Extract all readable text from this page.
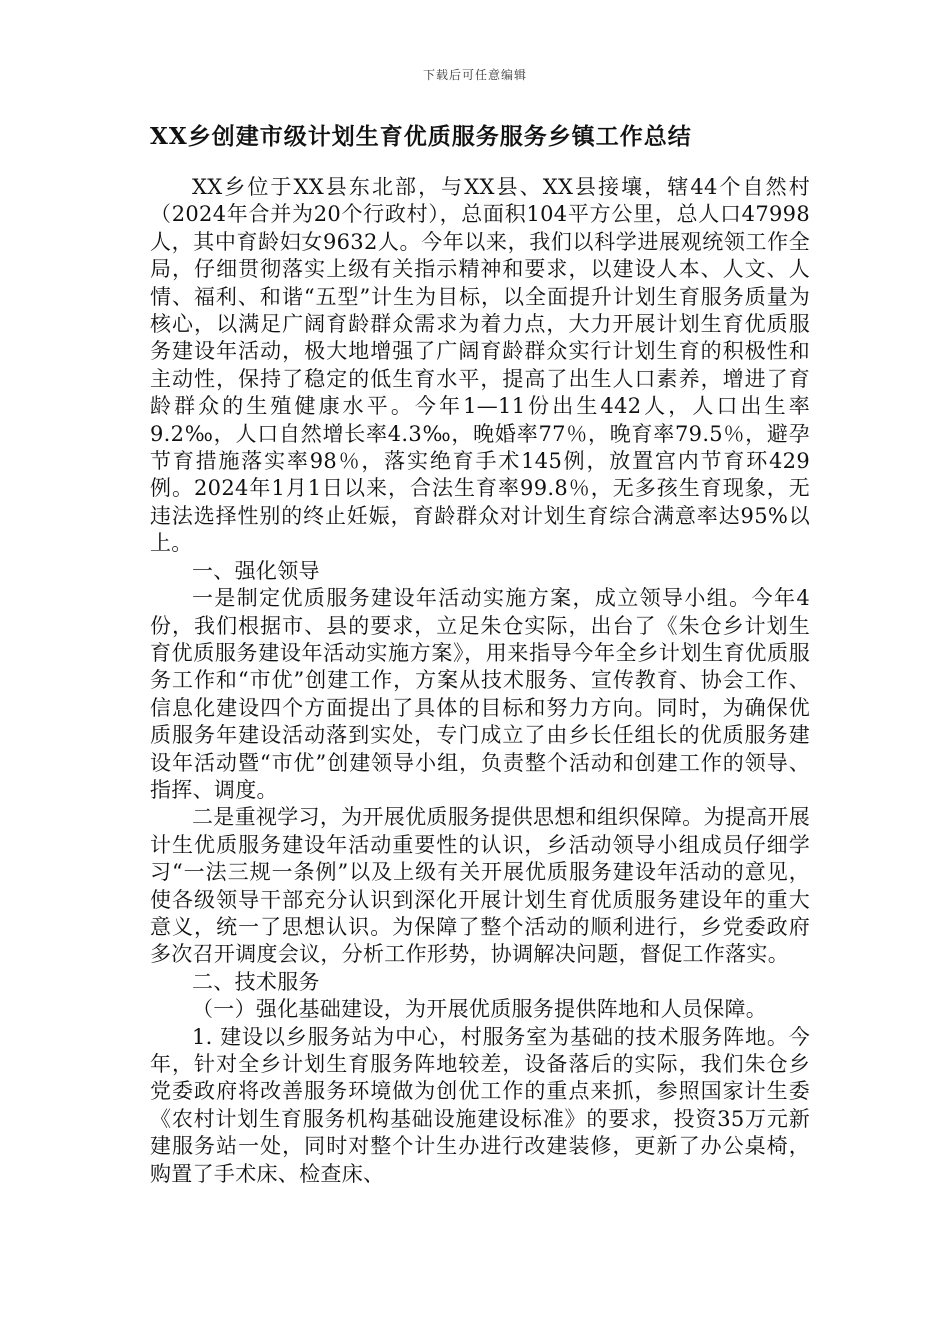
下载后可任意编辑
XX乡创建市级计划生育优质服务服务乡镇工作总结

XX乡位于XX县东北部，与XX县、XX县接壤，辖44个自然村（2024年合并为20个行政村），总面积104平方公里，总人口47998人，其中育龄妇女9632人。今年以来，我们以科学进展观统领工作全局，仔细贯彻落实上级有关指示精神和要求，以建设人本、人文、人情、福利、和谐“五型”计生为目标，以全面提升计划生育服务质量为核心，以满足广阔育龄群众需求为着力点，大力开展计划生育优质服务建设年活动，极大地增强了广阔育龄群众实行计划生育的积极性和主动性，保持了稳定的低生育水平，提高了出生人口素养，增进了育龄群众的生殖健康水平。今年1—11份出生442人，人口出生率9.2‰，人口自然增长率4.3‰，晚婚率77％，晚育率79.5％，避孕节育措施落实率98％，落实绝育手术145例，放置宫内节育环429例。2024年1月1日以来，合法生育率99.8％，无多孩生育现象，无违法选择性别的终止妊娠，育龄群众对计划生育综合满意率达95%以上。

一、强化领导

一是制定优质服务建设年活动实施方案，成立领导小组。今年4份，我们根据市、县的要求，立足朱仓实际，出台了《朱仓乡计划生育优质服务建设年活动实施方案》，用来指导今年全乡计划生育优质服务工作和“市优”创建工作，方案从技术服务、宣传教育、协会工作、信息化建设四个方面提出了具体的目标和努力方向。同时，为确保优质服务年建设活动落到实处，专门成立了由乡长任组长的优质服务建设年活动暨“市优”创建领导小组，负责整个活动和创建工作的领导、指挥、调度。

二是重视学习，为开展优质服务提供思想和组织保障。为提高开展计生优质服务建设年活动重要性的认识，乡活动领导小组成员仔细学习“一法三规一条例”以及上级有关开展优质服务建设年活动的意见，使各级领导干部充分认识到深化开展计划生育优质服务建设年的重大意义，统一了思想认识。为保障了整个活动的顺利进行，乡党委政府多次召开调度会议，分析工作形势，协调解决问题，督促工作落实。

二、技术服务

（一）强化基础建设，为开展优质服务提供阵地和人员保障。

1. 建设以乡服务站为中心，村服务室为基础的技术服务阵地。今年，针对全乡计划生育服务阵地较差，设备落后的实际，我们朱仓乡党委政府将改善服务环境做为创优工作的重点来抓，参照国家计生委《农村计划生育服务机构基础设施建设标准》的要求，投资35万元新建服务站一处，同时对整个计生办进行改建装修，更新了办公桌椅，购置了手术床、检查床、
